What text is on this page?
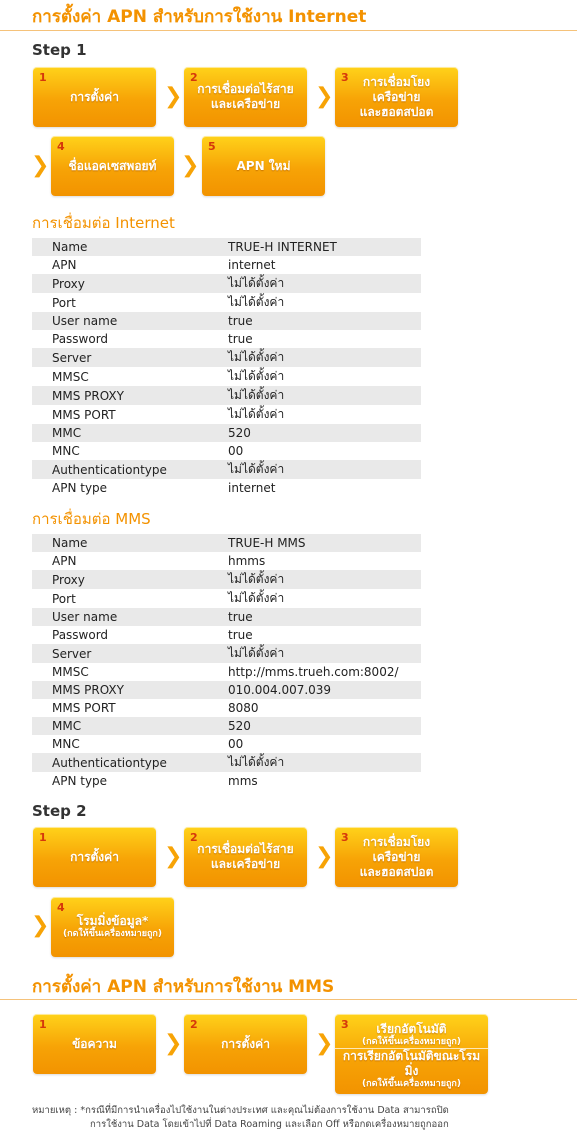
การตั้งค่า APN สำหรับการใช้งาน Internet
Step 1
1
การตั้งค่า ❯
2
การเชื่อมต่อไร้สาย
และเครือข่าย ❯
3	การเชื่อมโยง
เครือข่าย
และฮอตสปอต
❯
4
ชื่อแอคเซสพอยท์ ❯
5
APN ใหม่
การเชื่อมต่อ Internet
Name	TRUE-H INTERNET
APN	internet
Proxy	ไม่ได้ตั้งค่า
Port	ไม่ได้ตั้งค่า
User name	true
Password	true
Server	ไม่ได้ตั้งค่า
MMSC	ไม่ได้ตั้งค่า
MMS PROXY	ไม่ได้ตั้งค่า
MMS PORT	ไม่ได้ตั้งค่า
MMC	520
MNC	00
Authenticationtype	ไม่ได้ตั้งค่า
APN type	internet
การเชื่อมต่อ MMS
Name	TRUE-H MMS
APN	hmms
Proxy	ไม่ได้ตั้งค่า
Port	ไม่ได้ตั้งค่า
User name	true
Password	true
Server	ไม่ได้ตั้งค่า
MMSC	http://mms.trueh.com:8002/
MMS PROXY	010.004.007.039
MMS PORT	8080
MMC	520
MNC	00
Authenticationtype	ไม่ได้ตั้งค่า
APN type	mms
Step 2
1
การตั้งค่า ❯
2
การเชื่อมต่อไร้สาย
และเครือข่าย ❯
3	การเชื่อมโยง
เครือข่าย
และฮอตสปอต
❯
4
โรมมิ่งข้อมูล*
(กดให้ขึ้นเครื่องหมายถูก)
การตั้งค่า APN สำหรับการใช้งาน MMS
1
ข้อความ ❯
2
การตั้งค่า ❯
3	เรียกอัตโนมัติ
(กดให้ขึ้นเครื่องหมายถูก)
การเรียกอัตโนมัติขณะโรมมิ่ง
(กดให้ขึ้นเครื่องหมายถูก)
หมายเหตุ : *กรณีที่มีการนำเครื่องไปใช้งานในต่างประเทศ และคุณไม่ต้องการใช้งาน Data สามารถปิด
การใช้งาน Data โดยเข้าไปที่ Data Roaming และเลือก Off หรือกดเครื่องหมายถูกออก
